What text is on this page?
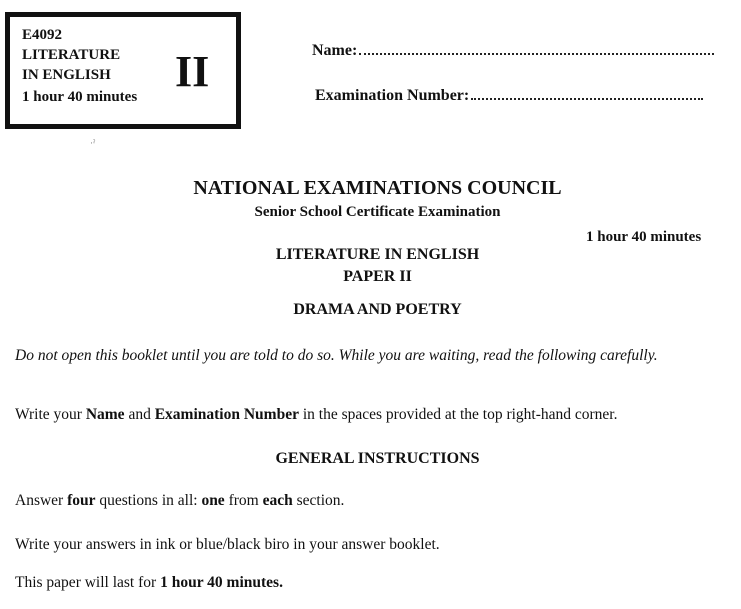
E4092
LITERATURE
IN ENGLISH
1 hour 40 minutes
II
·ˀ
Name:
Examination Number:
NATIONAL EXAMINATIONS COUNCIL
Senior School Certificate Examination
1 hour 40 minutes
LITERATURE IN ENGLISH
PAPER II
DRAMA AND POETRY
Do not open this booklet until you are told to do so. While you are waiting, read the following carefully.
Write your Name and Examination Number in the spaces provided at the top right-hand corner.
GENERAL INSTRUCTIONS
Answer four questions in all: one from each section.
Write your answers in ink or blue/black biro in your answer booklet.
This paper will last for 1 hour 40 minutes.
